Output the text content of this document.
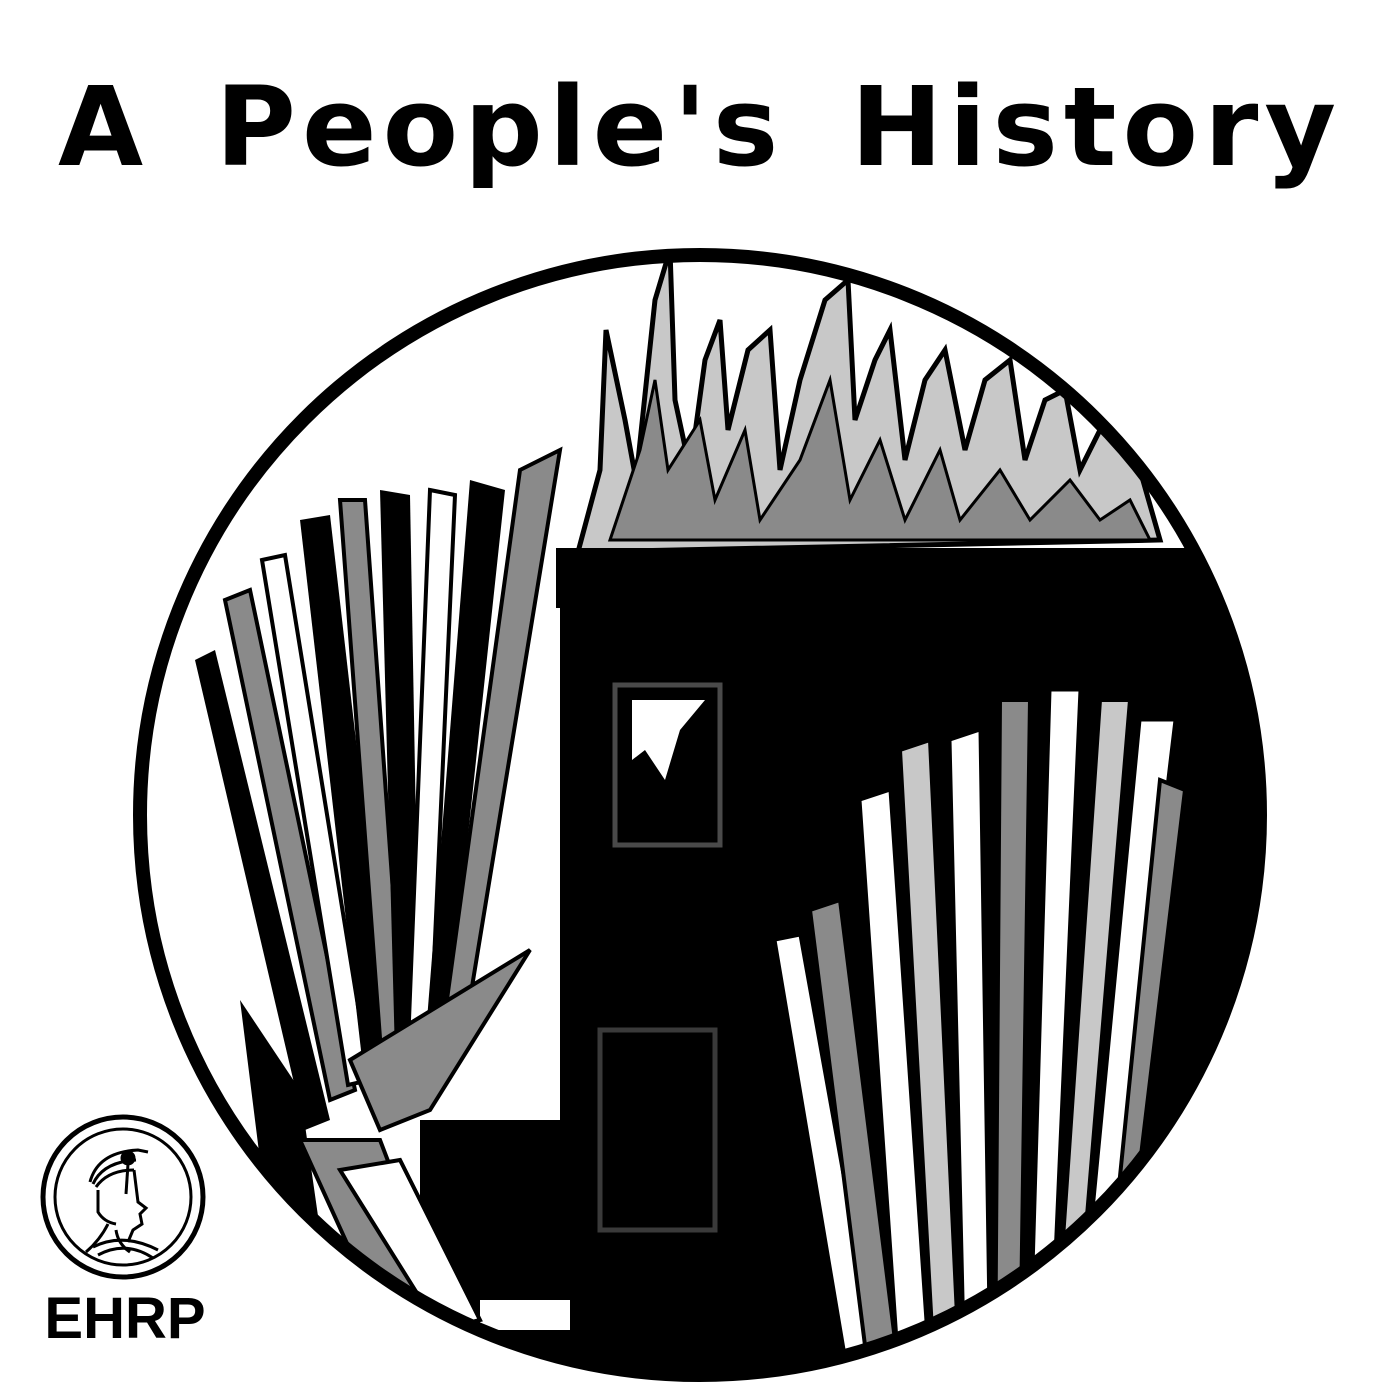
A People's History
EHRP
